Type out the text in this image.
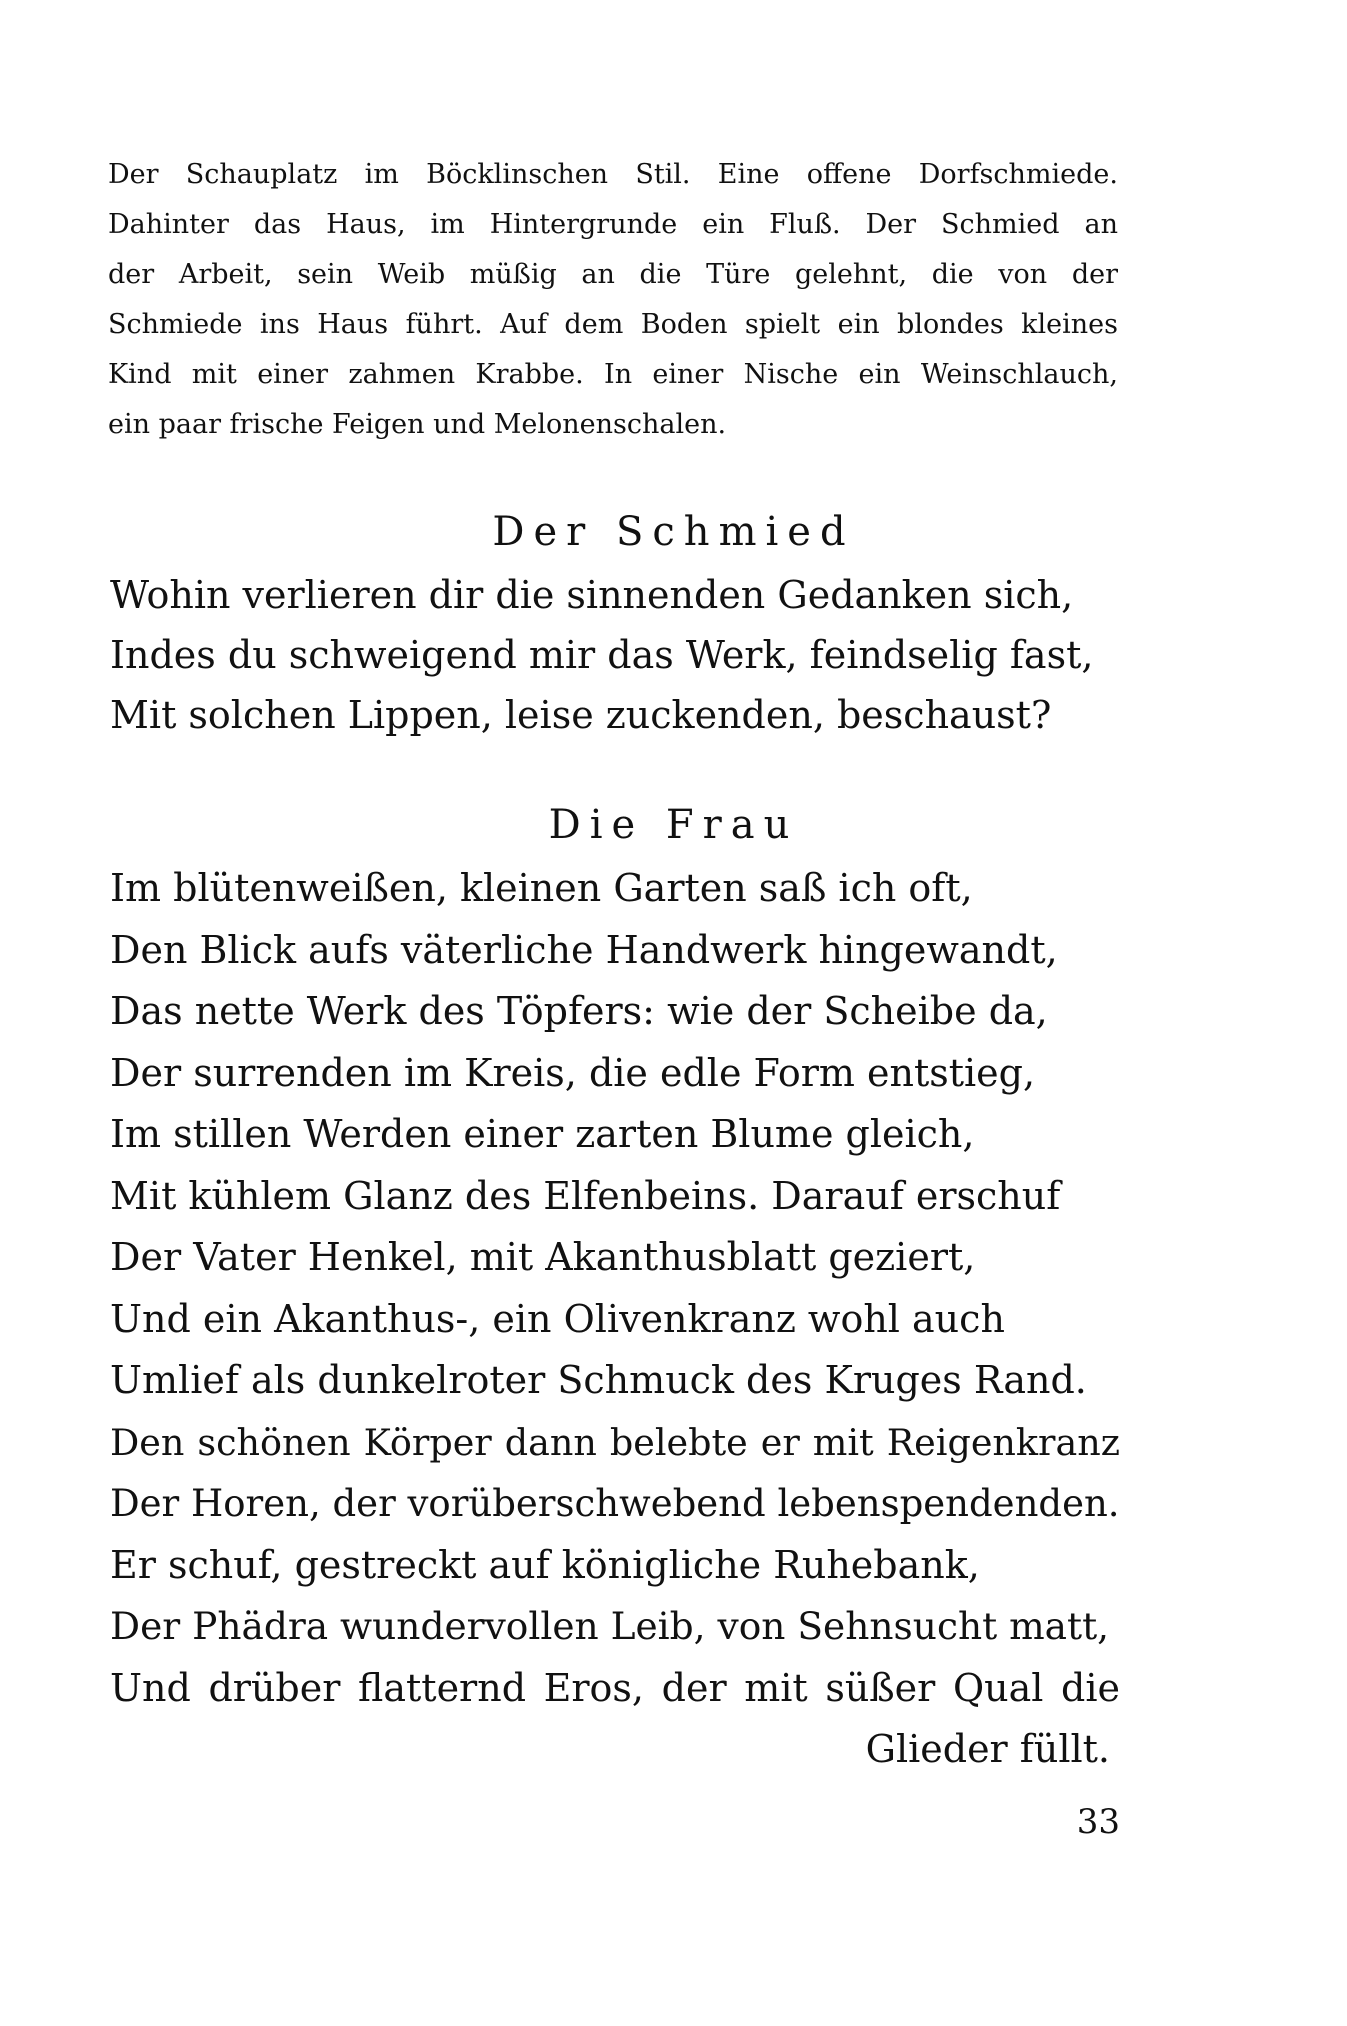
Der Schauplatz im Böcklinschen Stil. Eine offene Dorfschmiede.
Dahinter das Haus, im Hintergrunde ein Fluß. Der Schmied an
der Arbeit, sein Weib müßig an die Türe gelehnt, die von der
Schmiede ins Haus führt. Auf dem Boden spielt ein blondes kleines
Kind mit einer zahmen Krabbe. In einer Nische ein Weinschlauch,
ein paar frische Feigen und Melonenschalen.
Der Schmied
Wohin verlieren dir die sinnenden Gedanken sich,
Indes du schweigend mir das Werk, feindselig fast,
Mit solchen Lippen, leise zuckenden, beschaust?
Die Frau
Im blütenweißen, kleinen Garten saß ich oft,
Den Blick aufs väterliche Handwerk hingewandt,
Das nette Werk des Töpfers: wie der Scheibe da,
Der surrenden im Kreis, die edle Form entstieg,
Im stillen Werden einer zarten Blume gleich,
Mit kühlem Glanz des Elfenbeins. Darauf erschuf
Der Vater Henkel, mit Akanthusblatt geziert,
Und ein Akanthus-, ein Olivenkranz wohl auch
Umlief als dunkelroter Schmuck des Kruges Rand.
Den schönen Körper dann belebte er mit Reigenkranz
Der Horen, der vorüberschwebend lebenspendenden.
Er schuf, gestreckt auf königliche Ruhebank,
Der Phädra wundervollen Leib, von Sehnsucht matt,
Und drüber flatternd Eros, der mit süßer Qual die
Glieder füllt.
33
